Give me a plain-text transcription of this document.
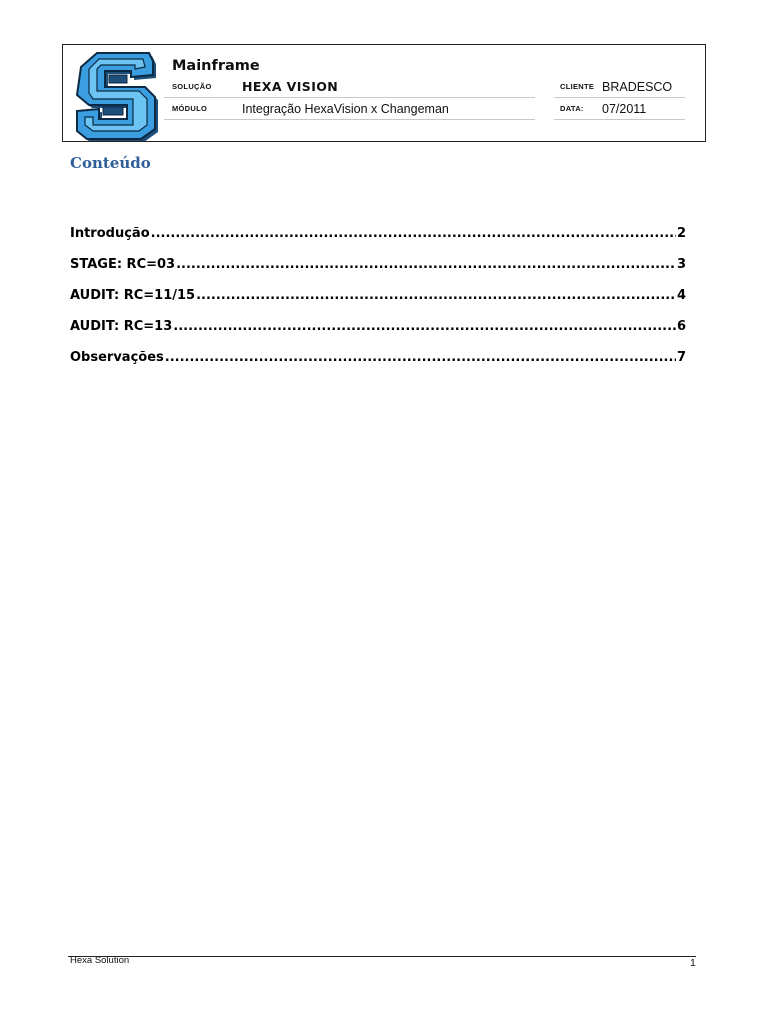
Mainframe
SOLUÇÃO	HEXA VISION
MÓDULO	Integração HexaVision x Changeman
CLIENTE BRADESCO
DATA:	07/2011
Conteúdo
Introdução .....	2
STAGE: RC=03 .....	3
AUDIT: RC=11/15 .....	4
AUDIT: RC=13 .....	6
Observações .....	7
Hexa Solution	1
